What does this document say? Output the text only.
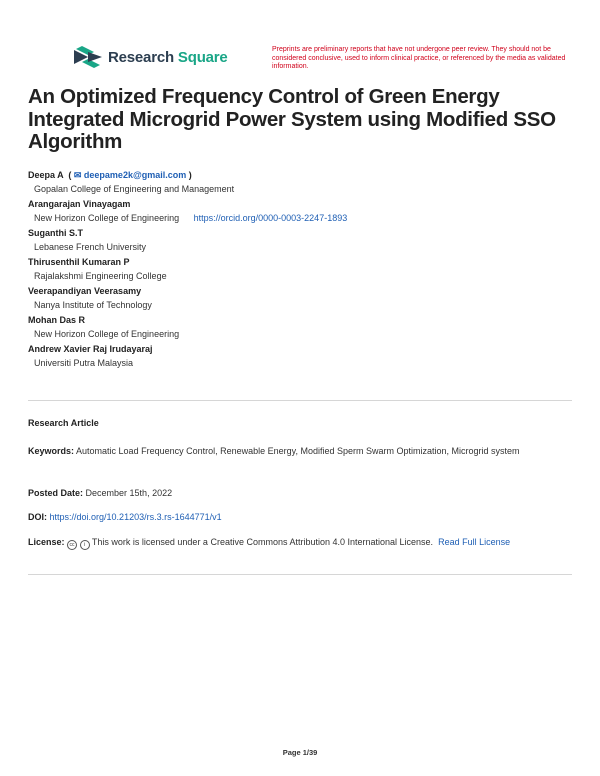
Research Square	Preprints are preliminary reports that have not undergone peer review. They should not be considered conclusive, used to inform clinical practice, or referenced by the media as validated information.
An Optimized Frequency Control of Green Energy Integrated Microgrid Power System using Modified SSO Algorithm
Deepa A  ( ✉ deepame2k@gmail.com )
Gopalan College of Engineering and Management
Arangarajan Vinayagam
New Horizon College of Engineering https://orcid.org/0000-0003-2247-1893
Suganthi S.T
Lebanese French University
Thirusenthil Kumaran P
Rajalakshmi Engineering College
Veerapandiyan Veerasamy
Nanya Institute of Technology
Mohan Das R
New Horizon College of Engineering
Andrew Xavier Raj Irudayaraj
Universiti Putra Malaysia
Research Article
Keywords: Automatic Load Frequency Control, Renewable Energy, Modified Sperm Swarm Optimization, Microgrid system
Posted Date: December 15th, 2022
DOI: https://doi.org/10.21203/rs.3.rs-1644771/v1
License: cc i This work is licensed under a Creative Commons Attribution 4.0 International License. Read Full License
Page 1/39
